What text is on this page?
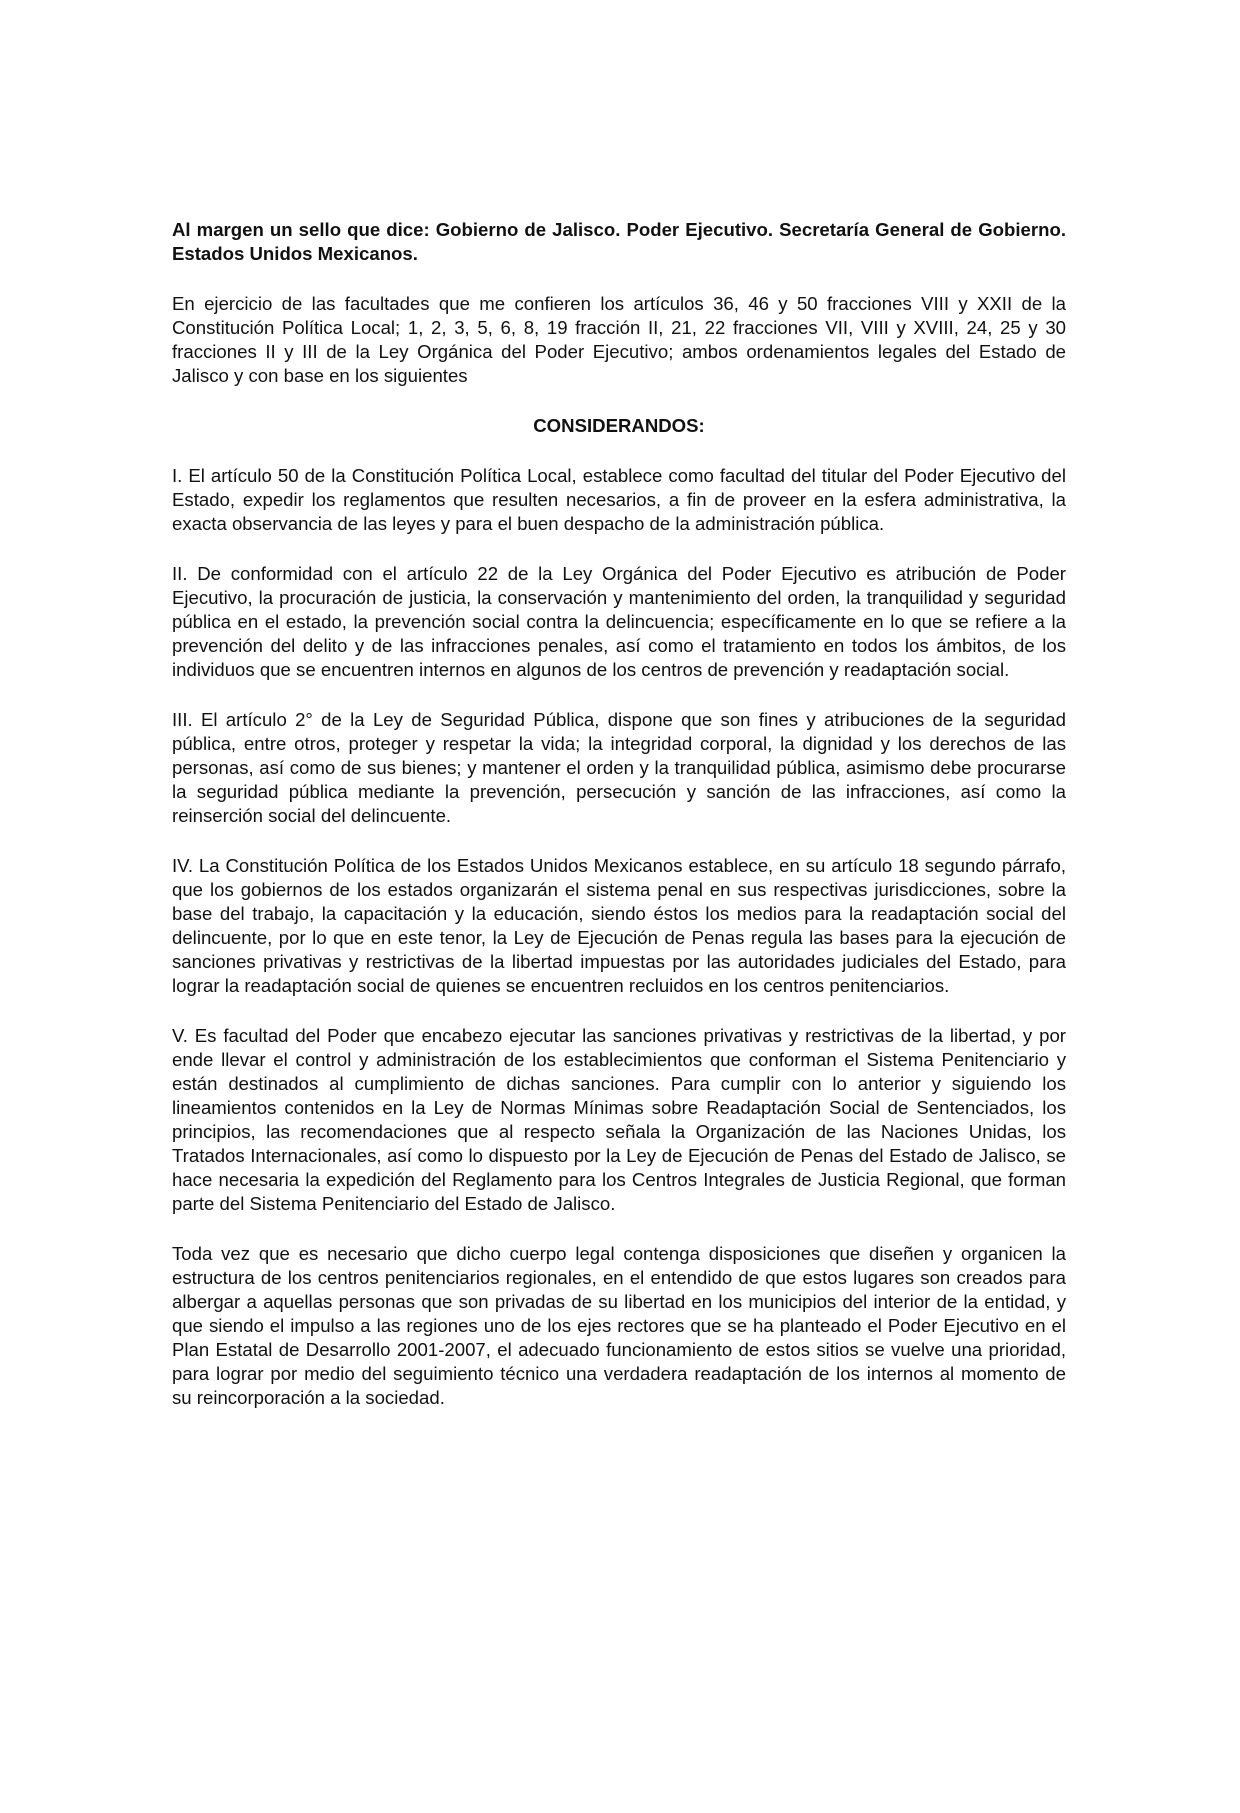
Al margen un sello que dice: Gobierno de Jalisco. Poder Ejecutivo. Secretaría General de Gobierno. Estados Unidos Mexicanos.

En ejercicio de las facultades que me confieren los artículos 36, 46 y 50 fracciones VIII y XXII de la Constitución Política Local; 1, 2, 3, 5, 6, 8, 19 fracción II, 21, 22 fracciones VII, VIII y XVIII, 24, 25 y 30 fracciones II y III de la Ley Orgánica del Poder Ejecutivo; ambos ordenamientos legales del Estado de Jalisco y con base en los siguientes

CONSIDERANDOS:

I. El artículo 50 de la Constitución Política Local, establece como facultad del titular del Poder Ejecutivo del Estado, expedir los reglamentos que resulten necesarios, a fin de proveer en la esfera administrativa, la exacta observancia de las leyes y para el buen despacho de la administración pública.

II. De conformidad con el artículo 22 de la Ley Orgánica del Poder Ejecutivo es atribución de Poder Ejecutivo, la procuración de justicia, la conservación y mantenimiento del orden, la tranquilidad y seguridad pública en el estado, la prevención social contra la delincuencia; específicamente en lo que se refiere a la prevención del delito y de las infracciones penales, así como el tratamiento en todos los ámbitos, de los individuos que se encuentren internos en algunos de los centros de prevención y readaptación social.

III. El artículo 2° de la Ley de Seguridad Pública, dispone que son fines y atribuciones de la seguridad pública, entre otros, proteger y respetar la vida; la integridad corporal, la dignidad y los derechos de las personas, así como de sus bienes; y mantener el orden y la tranquilidad pública, asimismo debe procurarse la seguridad pública mediante la prevención, persecución y sanción de las infracciones, así como la reinserción social del delincuente.

IV. La Constitución Política de los Estados Unidos Mexicanos establece, en su artículo 18 segundo párrafo, que los gobiernos de los estados organizarán el sistema penal en sus respectivas jurisdicciones, sobre la base del trabajo, la capacitación y la educación, siendo éstos los medios para la readaptación social del delincuente, por lo que en este tenor, la Ley de Ejecución de Penas regula las bases para la ejecución de sanciones privativas y restrictivas de la libertad impuestas por las autoridades judiciales del Estado, para lograr la readaptación social de quienes se encuentren recluidos en los centros penitenciarios.

V. Es facultad del Poder que encabezo ejecutar las sanciones privativas y restrictivas de la libertad, y por ende llevar el control y administración de los establecimientos que conforman el Sistema Penitenciario y están destinados al cumplimiento de dichas sanciones. Para cumplir con lo anterior y siguiendo los lineamientos contenidos en la Ley de Normas Mínimas sobre Readaptación Social de Sentenciados, los principios, las recomendaciones que al respecto señala la Organización de las Naciones Unidas, los Tratados Internacionales, así como lo dispuesto por la Ley de Ejecución de Penas del Estado de Jalisco, se hace necesaria la expedición del Reglamento para los Centros Integrales de Justicia Regional, que forman parte del Sistema Penitenciario del Estado de Jalisco.

Toda vez que es necesario que dicho cuerpo legal contenga disposiciones que diseñen y organicen la estructura de los centros penitenciarios regionales, en el entendido de que estos lugares son creados para albergar a aquellas personas que son privadas de su libertad en los municipios del interior de la entidad, y que siendo el impulso a las regiones uno de los ejes rectores que se ha planteado el Poder Ejecutivo en el Plan Estatal de Desarrollo 2001-2007, el adecuado funcionamiento de estos sitios se vuelve una prioridad, para lograr por medio del seguimiento técnico una verdadera readaptación de los internos al momento de su reincorporación a la sociedad.
